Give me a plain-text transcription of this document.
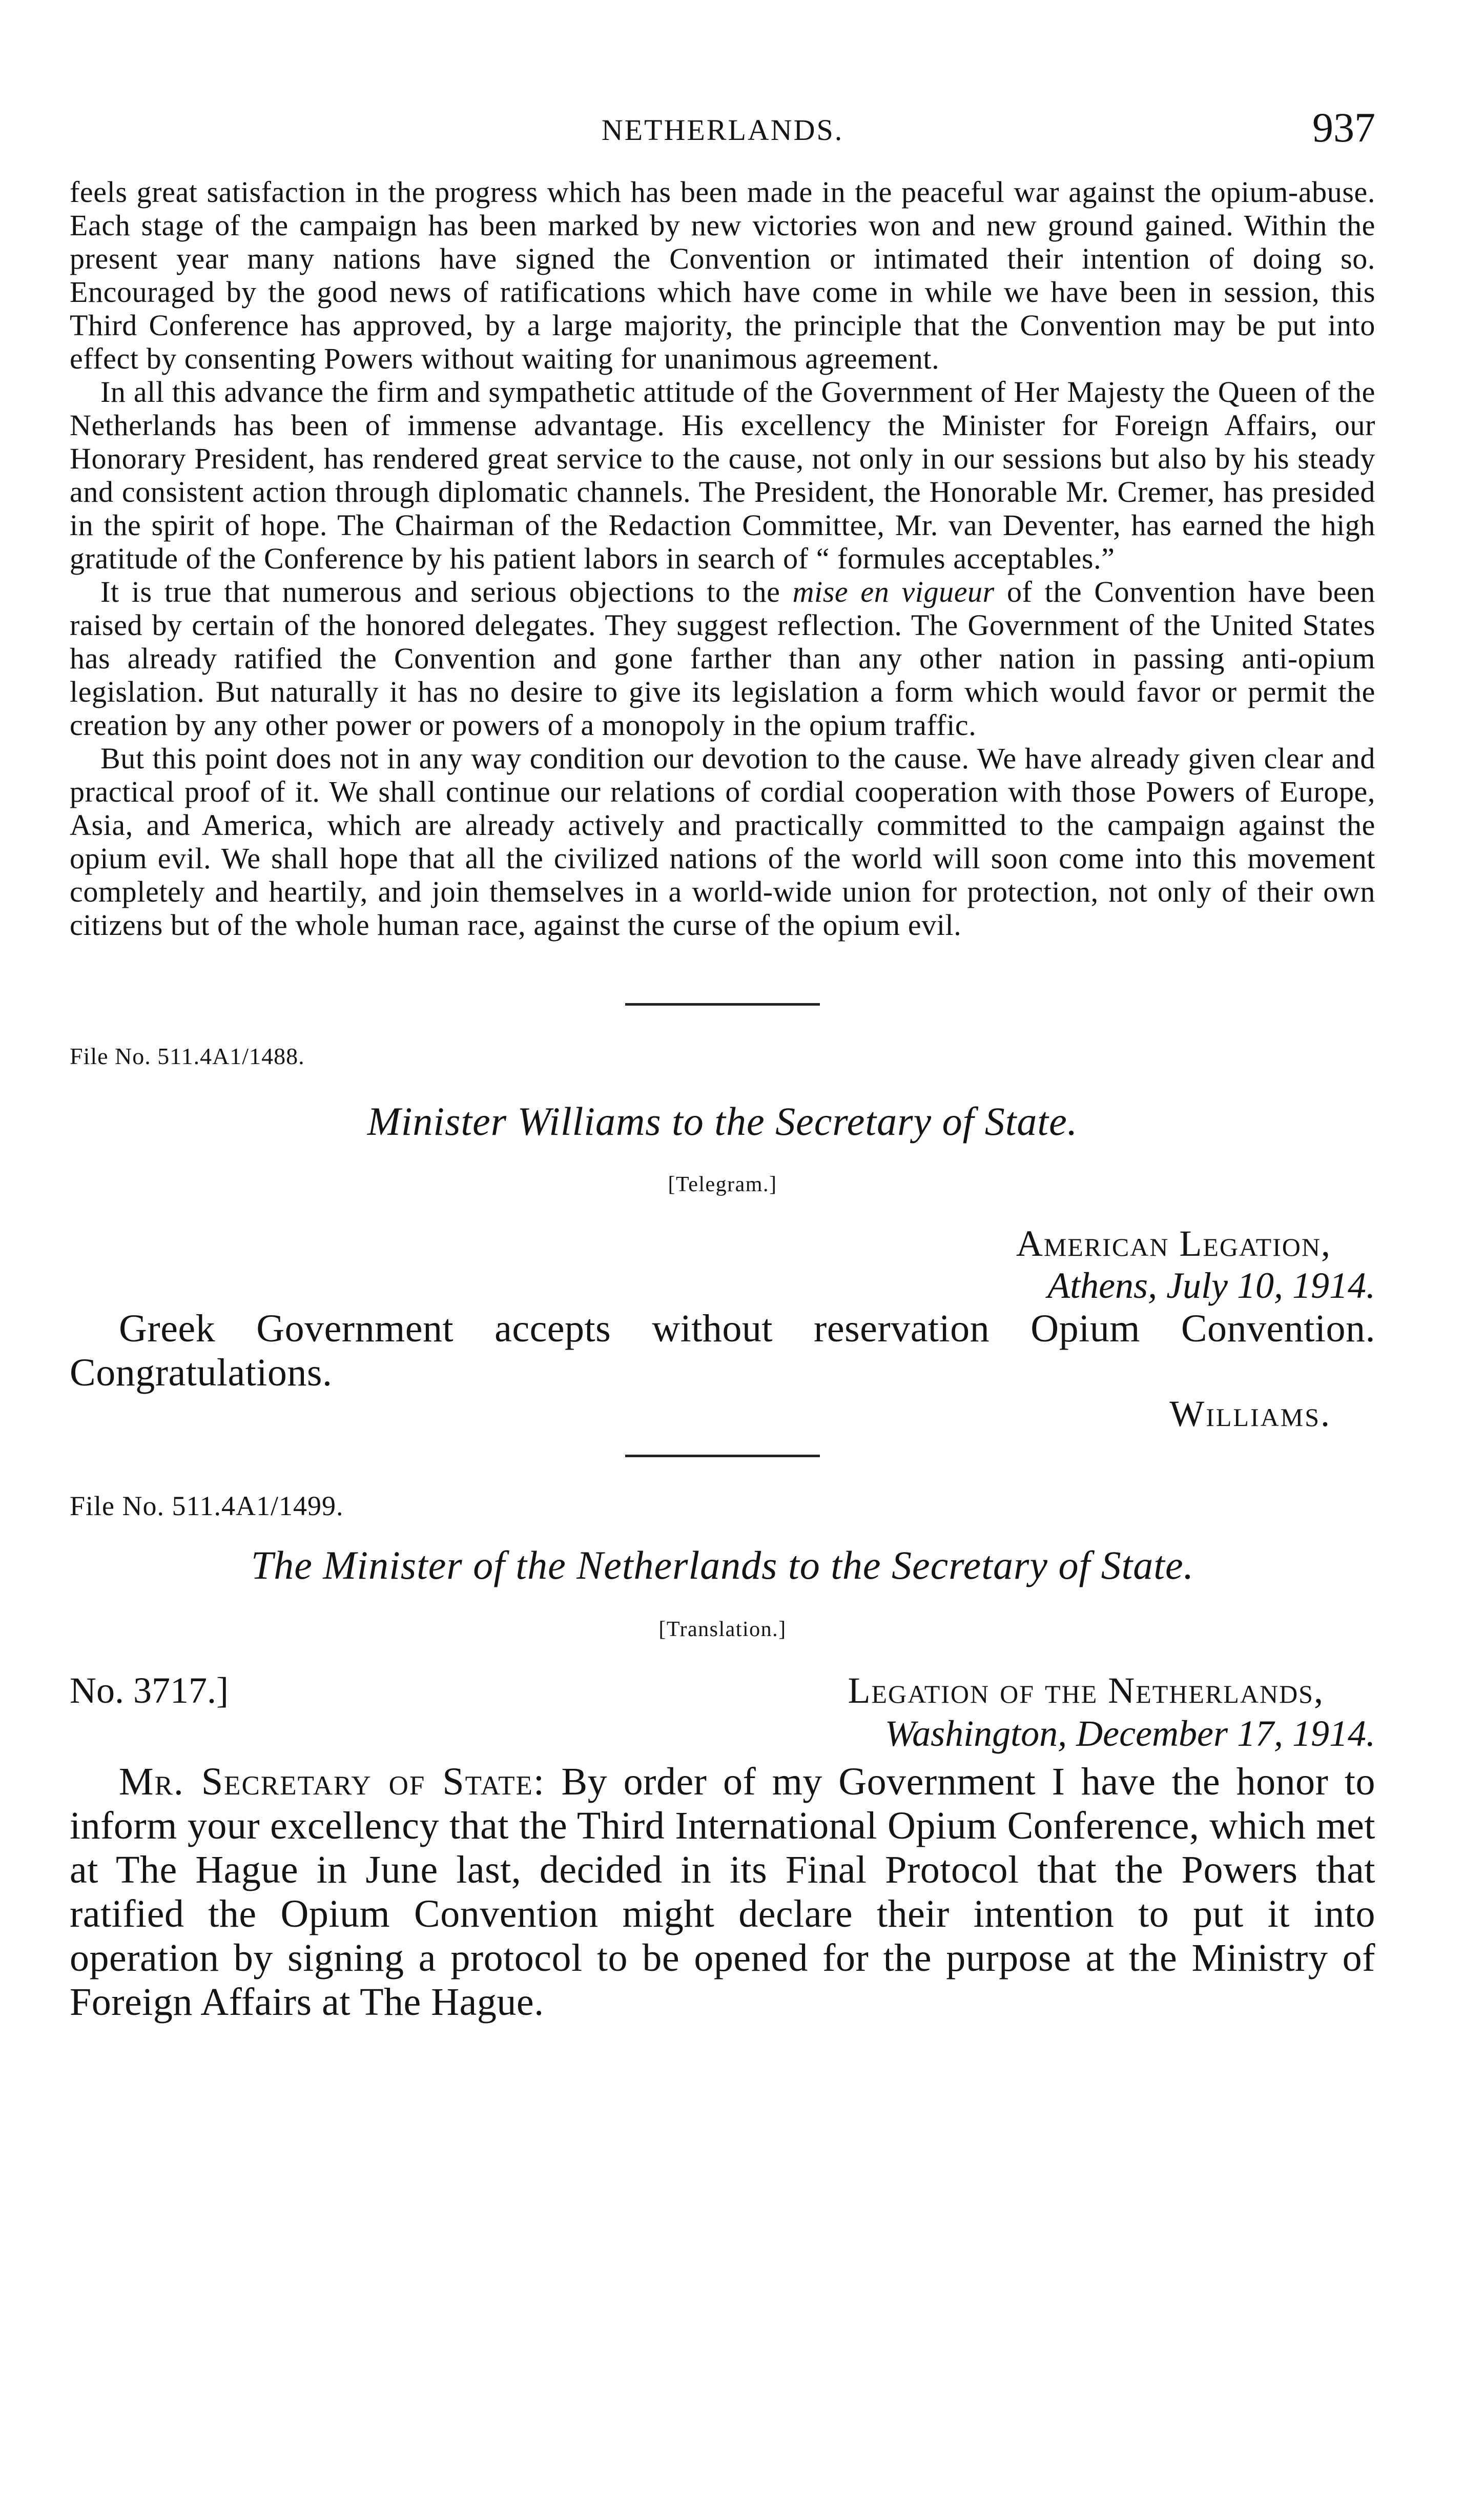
NETHERLANDS.	937

feels great satisfaction in the progress which has been made in the peaceful war against the opium-abuse. Each stage of the campaign has been marked by new victories won and new ground gained. Within the present year many nations have signed the Convention or intimated their intention of doing so. Encouraged by the good news of ratifications which have come in while we have been in session, this Third Conference has approved, by a large majority, the principle that the Convention may be put into effect by consenting Powers without waiting for unanimous agreement.

In all this advance the firm and sympathetic attitude of the Government of Her Majesty the Queen of the Netherlands has been of immense advantage. His excellency the Minister for Foreign Affairs, our Honorary President, has rendered great service to the cause, not only in our sessions but also by his steady and consistent action through diplomatic channels. The President, the Honorable Mr. Cremer, has presided in the spirit of hope. The Chairman of the Redaction Committee, Mr. van Deventer, has earned the high gratitude of the Conference by his patient labors in search of “ formules acceptables.”

It is true that numerous and serious objections to the mise en vigueur of the Convention have been raised by certain of the honored delegates. They suggest reflection. The Government of the United States has already ratified the Convention and gone farther than any other nation in passing anti-opium legislation. But naturally it has no desire to give its legislation a form which would favor or permit the creation by any other power or powers of a monopoly in the opium traffic.

But this point does not in any way condition our devotion to the cause. We have already given clear and practical proof of it. We shall continue our relations of cordial cooperation with those Powers of Europe, Asia, and America, which are already actively and practically committed to the campaign against the opium evil. We shall hope that all the civilized nations of the world will soon come into this movement completely and heartily, and join themselves in a world-wide union for protection, not only of their own citizens but of the whole human race, against the curse of the opium evil.

File No. 511.4A1/1488.
Minister Williams to the Secretary of State.
[Telegram.]
American Legation,
Athens, July 10, 1914.

Greek Government accepts without reservation Opium Convention. Congratulations.

Williams.
File No. 511.4A1/1499.
The Minister of the Netherlands to the Secretary of State.
[Translation.]
No. 3717.]	Legation of the Netherlands,
Washington, December 17, 1914.

Mr. Secretary of State: By order of my Government I have the honor to inform your excellency that the Third International Opium Conference, which met at The Hague in June last, decided in its Final Protocol that the Powers that ratified the Opium Convention might declare their intention to put it into operation by signing a protocol to be opened for the purpose at the Ministry of Foreign Affairs at The Hague.
